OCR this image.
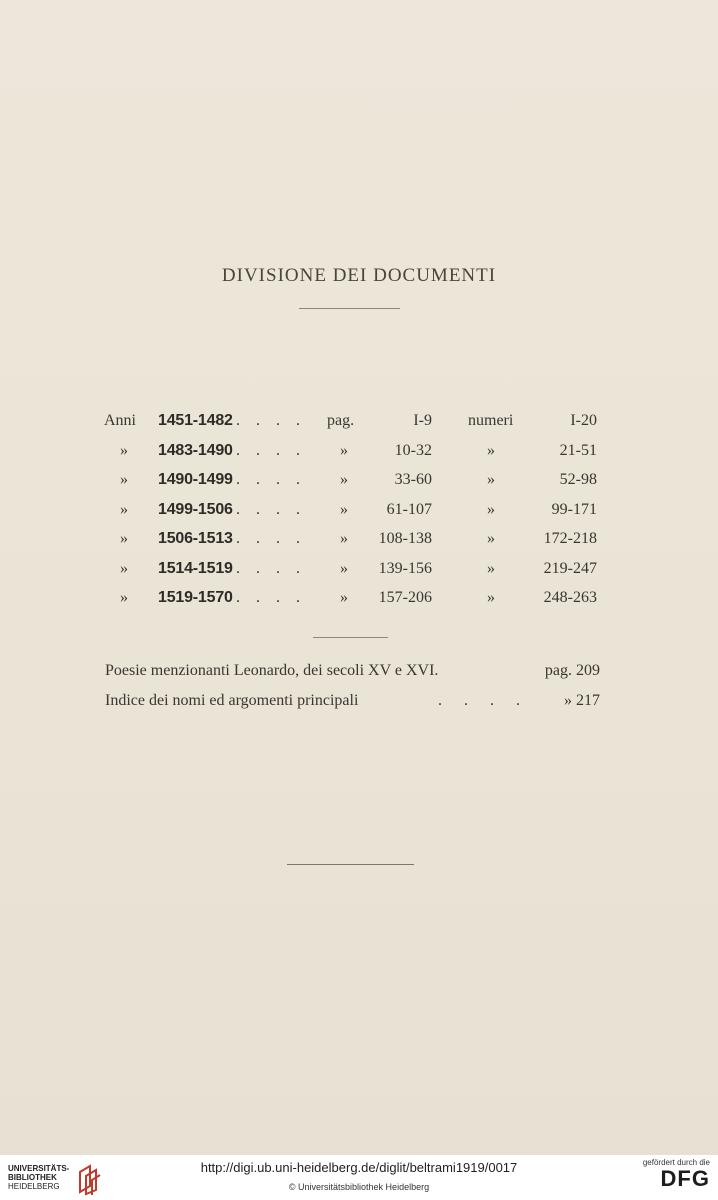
DIVISIONE DEI DOCUMENTI
Anni	1451-1482 . . . . pag.	I-9 numeri	I-20
»	1483-1490 . . . . »	10-32	»	21-51
»	1490-1499 . . . . »	33-60	»	52-98
»	1499-1506 . . . . »	61-107	»	99-171
»	1506-1513 . . . . »	108-138	»	172-218
»	1514-1519 . . . . »	139-156	»	219-247
»	1519-1570 . . . . »	157-206	»	248-263
Poesie menzionanti Leonardo, dei secoli XV e XVI.	pag. 209
Indice dei nomi ed argomenti principali	. . . . » 217
UNIVERSITÄTS-
BIBLIOTHEK
HEIDELBERG
http://digi.ub.uni-heidelberg.de/diglit/beltrami1919/0017
© Universitätsbibliothek Heidelberg
gefördert durch die
DFG
